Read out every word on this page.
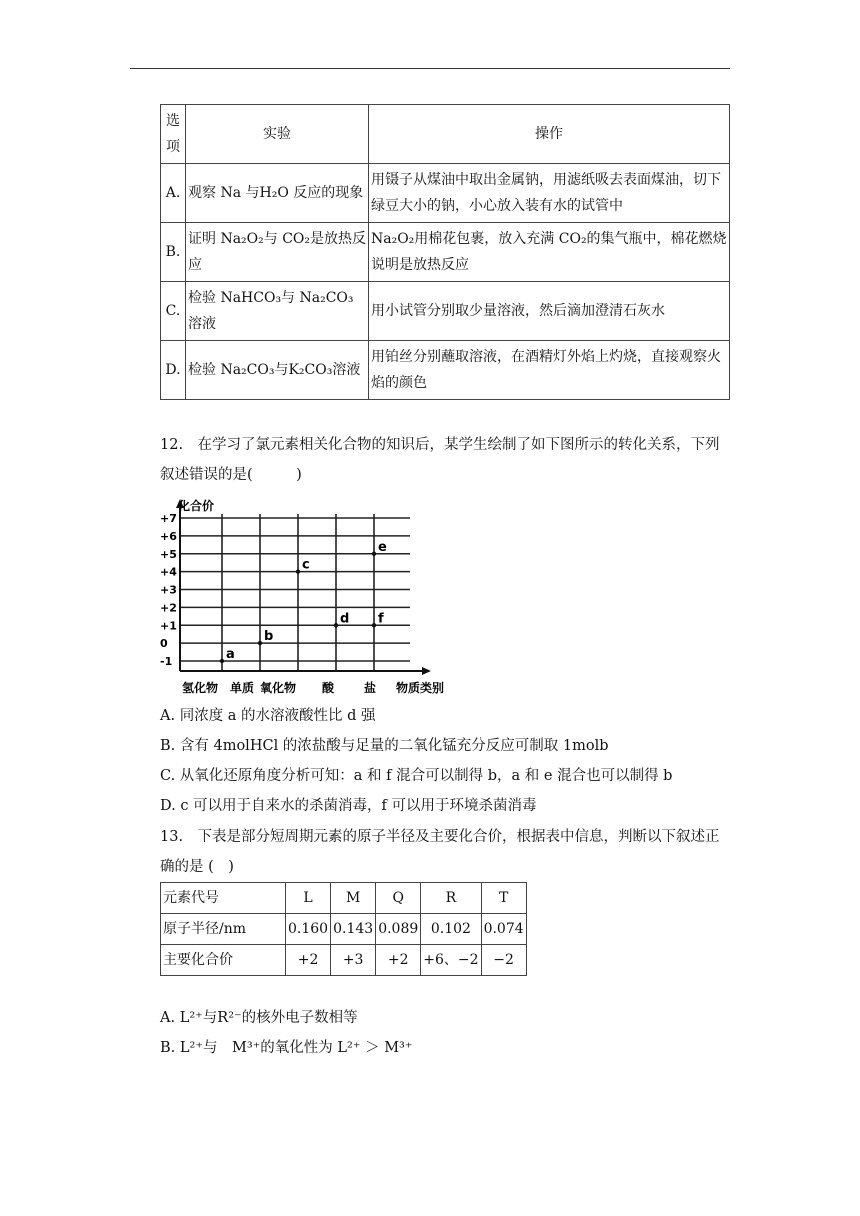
选项	实验	操作
A.	观察 Na 与H₂O 反应的现象	用镊子从煤油中取出金属钠，用滤纸吸去表面煤油，切下绿豆大小的钠，小心放入装有水的试管中
B.	证明 Na₂O₂与 CO₂是放热反应	Na₂O₂用棉花包裹，放入充满 CO₂的集气瓶中，棉花燃烧说明是放热反应
C.	检验 NaHCO₃与 Na₂CO₃溶液	用小试管分别取少量溶液，然后滴加澄清石灰水
D.	检验 Na₂CO₃与K₂CO₃溶液	用铂丝分别蘸取溶液，在酒精灯外焰上灼烧，直接观察火焰的颜色
12.　在学习了氯元素相关化合物的知识后，某学生绘制了如下图所示的转化关系，下列叙述错误的是(　　　)
+7
+6
+5
+4
+3
+2
+1
0
-1
氢化物 单质 氧化物 酸 盐
a
b
c
d
e
f
化合价
物质类别
A. 同浓度 a 的水溶液酸性比 d 强
B. 含有 4molHCl 的浓盐酸与足量的二氧化锰充分反应可制取 1molb
C. 从氧化还原角度分析可知：a 和 f 混合可以制得 b，a 和 e 混合也可以制得 b
D. c 可以用于自来水的杀菌消毒，f 可以用于环境杀菌消毒
13.　下表是部分短周期元素的原子半径及主要化合价，根据表中信息，判断以下叙述正确的是 (　)
元素代号	L	M	Q	R	T
原子半径/nm	0.160	0.143	0.089	0.102	0.074
主要化合价	+2	+3	+2	+6、−2	−2
A. L²⁺与R²⁻的核外电子数相等
B. L²⁺与　M³⁺的氧化性为 L²⁺ ＞ M³⁺
